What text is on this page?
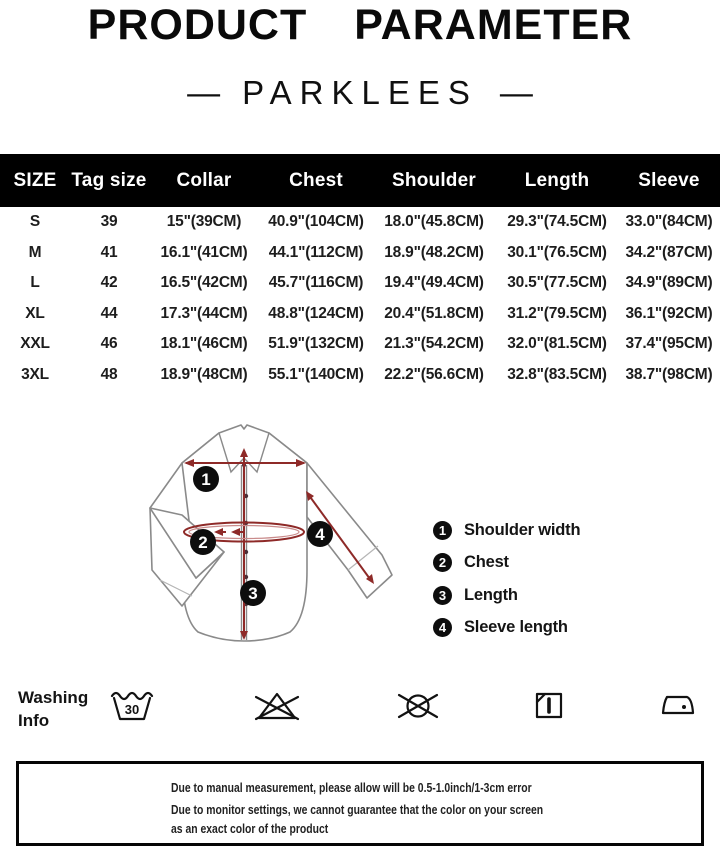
PRODUCT PARAMETER
— PARKLEES —
SIZE Tag size	Collar	Chest	Shoulder	Length	Sleeve
S	39	15"(39CM)	40.9"(104CM)	18.0"(45.8CM)	29.3"(74.5CM)	33.0"(84CM)
M	41	16.1"(41CM)	44.1"(112CM)	18.9"(48.2CM)	30.1"(76.5CM)	34.2"(87CM)
L	42	16.5"(42CM)	45.7"(116CM)	19.4"(49.4CM)	30.5"(77.5CM)	34.9"(89CM)
XL	44	17.3"(44CM)	48.8"(124CM)	20.4"(51.8CM)	31.2"(79.5CM)	36.1"(92CM)
XXL	46	18.1"(46CM)	51.9"(132CM)	21.3"(54.2CM)	32.0"(81.5CM)	37.4"(95CM)
3XL	48	18.9"(48CM)	55.1"(140CM)	22.2"(56.6CM)	32.8"(83.5CM)	38.7"(98CM)
1
2
3
4	1	Shoulder width
2	Chest
3	Length
4	Sleeve length
Washing
Info
30

Due to manual measurement, please allow will be 0.5-1.0inch/1-3cm error

Due to monitor settings, we cannot guarantee that the color on your screen

as an exact color of the product
